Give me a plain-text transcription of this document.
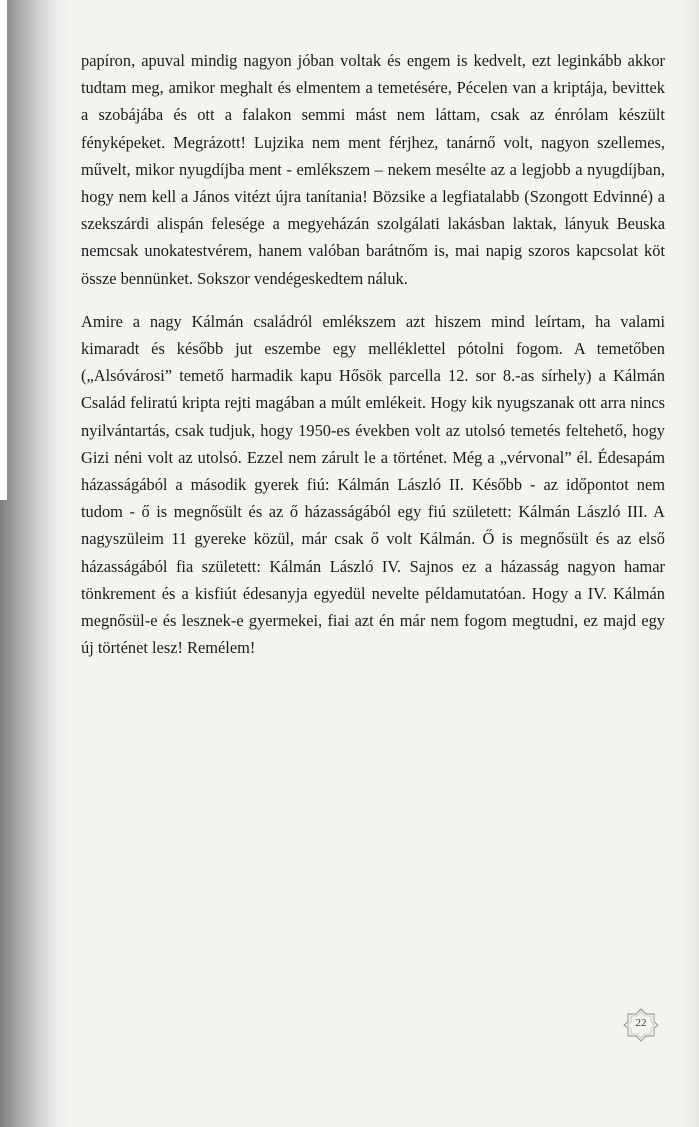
papíron, apuval mindig nagyon jóban voltak és engem is kedvelt, ezt leginkább akkor
tudtam meg, amikor meghalt és elmentem a temetésére, Pécelen van a kriptája, bevittek
a szobájába és ott a falakon semmi mást nem láttam, csak az énrólam készült
fényképeket. Megrázott! Lujzika nem ment férjhez, tanárnő volt, nagyon szellemes,
művelt, mikor nyugdíjba ment - emlékszem – nekem mesélte az a legjobb a nyugdíjban,
hogy nem kell a János vitézt újra tanítania! Bözsike a legfiatalabb (Szongott Edvinné) a
szekszárdi alispán felesége a megyeházán szolgálati lakásban laktak, lányuk Beuska
nemcsak unokatestvérem, hanem valóban barátnőm is, mai napig szoros kapcsolat köt
össze bennünket. Sokszor vendégeskedtem náluk.
Amire a nagy Kálmán családról emlékszem azt hiszem mind leírtam, ha valami
kimaradt és később jut eszembe egy melléklettel pótolni fogom. A temetőben
(„Alsóvárosi” temető harmadik kapu Hősök parcella 12. sor 8.-as sírhely) a Kálmán
Család feliratú kripta rejti magában a múlt emlékeit. Hogy kik nyugszanak ott arra nincs
nyilvántartás, csak tudjuk, hogy 1950-es években volt az utolsó temetés feltehető, hogy
Gizi néni volt az utolsó. Ezzel nem zárult le a történet. Még a „vérvonal” él. Édesapám
házasságából a második gyerek fiú: Kálmán László II. Később - az időpontot nem
tudom - ő is megnősült és az ő házasságából egy fiú született: Kálmán László III. A
nagyszüleim 11 gyereke közül, már csak ő volt Kálmán. Ő is megnősült és az első
házasságából fia született: Kálmán László IV. Sajnos ez a házasság nagyon hamar
tönkrement és a kisfiút édesanyja egyedül nevelte példamutatóan. Hogy a IV. Kálmán
megnősül-e és lesznek-e gyermekei, fiai azt én már nem fogom megtudni, ez majd egy
új történet lesz! Remélem!
22
